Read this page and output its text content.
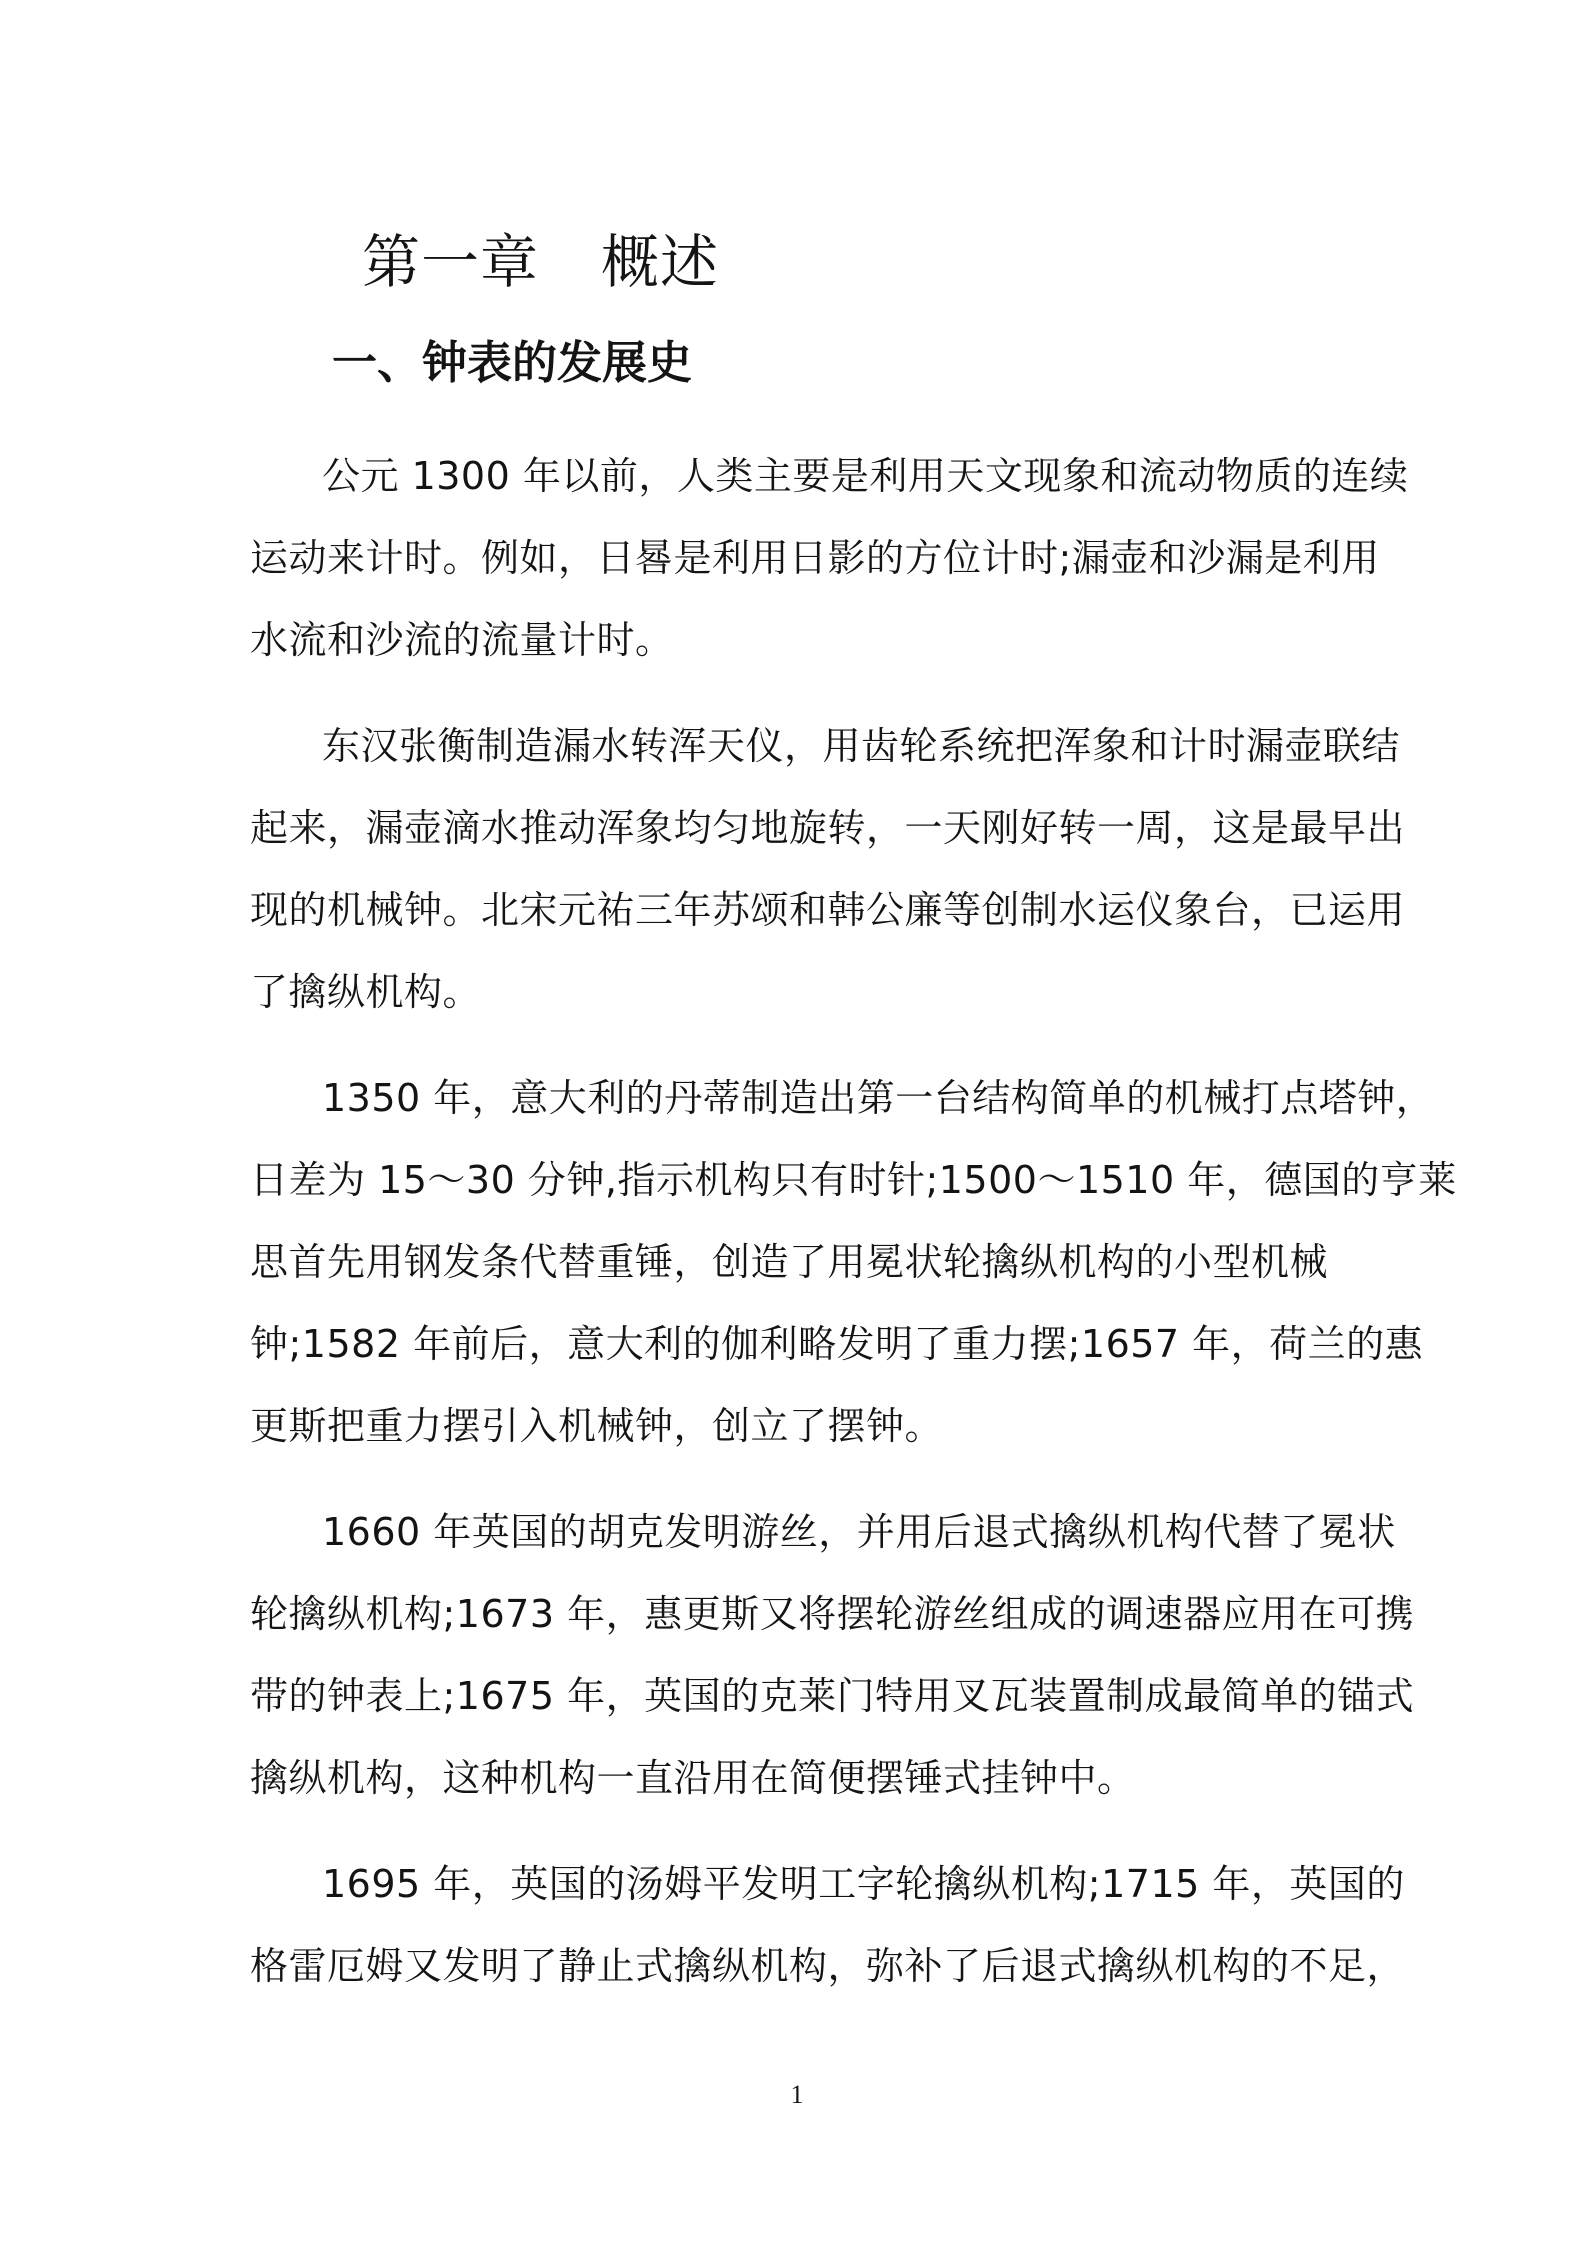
第一章 概述
一、钟表的发展史

公元 1300 年以前，人类主要是利用天文现象和流动物质的连续

运动来计时。例如，日晷是利用日影的方位计时;漏壶和沙漏是利用

水流和沙流的流量计时。

东汉张衡制造漏水转浑天仪，用齿轮系统把浑象和计时漏壶联结

起来，漏壶滴水推动浑象均匀地旋转，一天刚好转一周，这是最早出

现的机械钟。北宋元祐三年苏颂和韩公廉等创制水运仪象台，已运用

了擒纵机构。

1350 年，意大利的丹蒂制造出第一台结构简单的机械打点塔钟，

日差为 15～30 分钟,指示机构只有时针;1500～1510 年，德国的亨莱

思首先用钢发条代替重锤，创造了用冕状轮擒纵机构的小型机械

钟;1582 年前后，意大利的伽利略发明了重力摆;1657 年，荷兰的惠

更斯把重力摆引入机械钟，创立了摆钟。

1660 年英国的胡克发明游丝，并用后退式擒纵机构代替了冕状

轮擒纵机构;1673 年，惠更斯又将摆轮游丝组成的调速器应用在可携

带的钟表上;1675 年，英国的克莱门特用叉瓦装置制成最简单的锚式

擒纵机构，这种机构一直沿用在简便摆锤式挂钟中。

1695 年，英国的汤姆平发明工字轮擒纵机构;1715 年，英国的

格雷厄姆又发明了静止式擒纵机构，弥补了后退式擒纵机构的不足，

1
